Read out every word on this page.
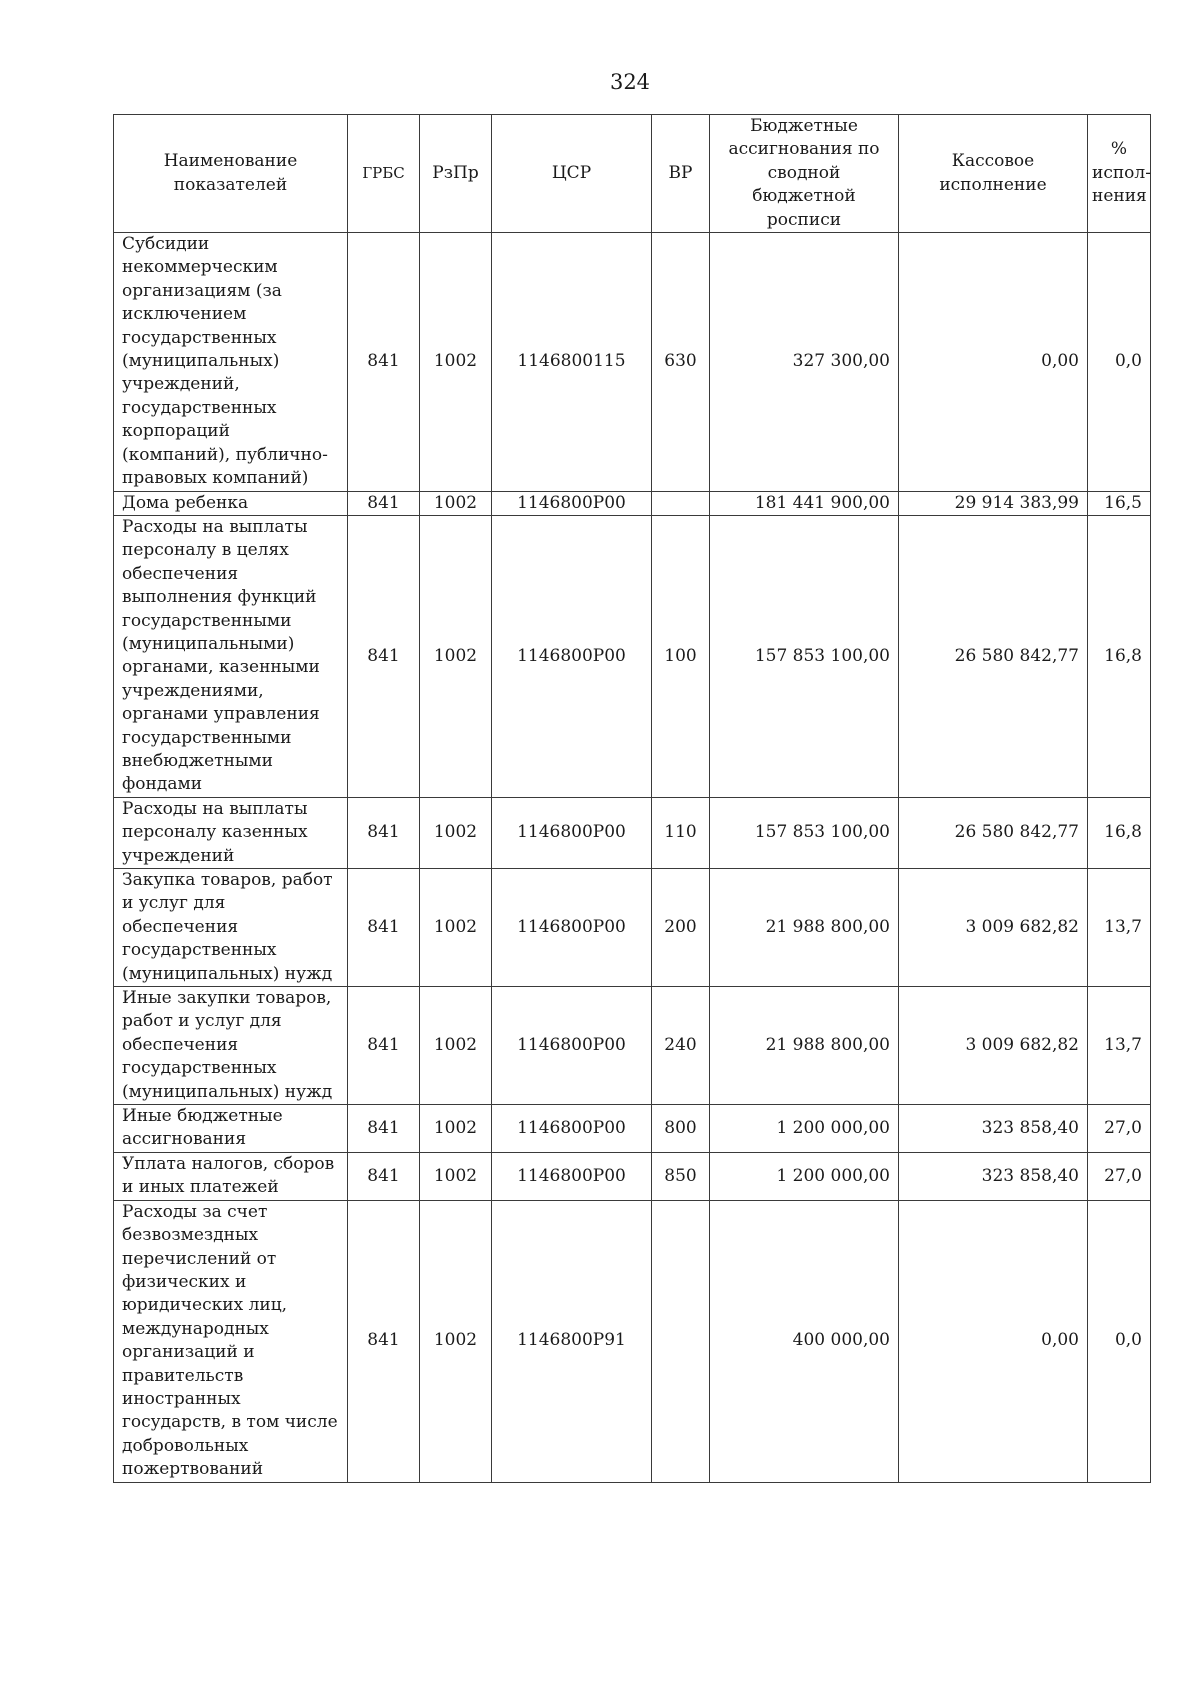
324
Наименование показателей	ГРБС	РзПр	ЦСР	ВР	Бюджетные ассигнования по сводной бюджетной росписи	Кассовое исполнение	% испол-нения
Субсидии некоммерческим организациям (за исключением государственных (муниципальных) учреждений, государственных корпораций (компаний), публично-правовых компаний)	841	1002	1146800115	630	327 300,00	0,00	0,0
Дома ребенка	841	1002	1146800P00		181 441 900,00	29 914 383,99	16,5
Расходы на выплаты персоналу в целях обеспечения выполнения функций государственными (муниципальными) органами, казенными учреждениями, органами управления государственными внебюджетными фондами	841	1002	1146800P00	100	157 853 100,00	26 580 842,77	16,8
Расходы на выплаты персоналу казенных учреждений	841	1002	1146800P00	110	157 853 100,00	26 580 842,77	16,8
Закупка товаров, работ и услуг для обеспечения государственных (муниципальных) нужд	841	1002	1146800P00	200	21 988 800,00	3 009 682,82	13,7
Иные закупки товаров, работ и услуг для обеспечения государственных (муниципальных) нужд	841	1002	1146800P00	240	21 988 800,00	3 009 682,82	13,7
Иные бюджетные ассигнования	841	1002	1146800P00	800	1 200 000,00	323 858,40	27,0
Уплата налогов, сборов и иных платежей	841	1002	1146800P00	850	1 200 000,00	323 858,40	27,0
Расходы за счет безвозмездных перечислений от физических и юридических лиц, международных организаций и правительств иностранных государств, в том числе добровольных пожертвований	841	1002	1146800P91		400 000,00	0,00	0,0
